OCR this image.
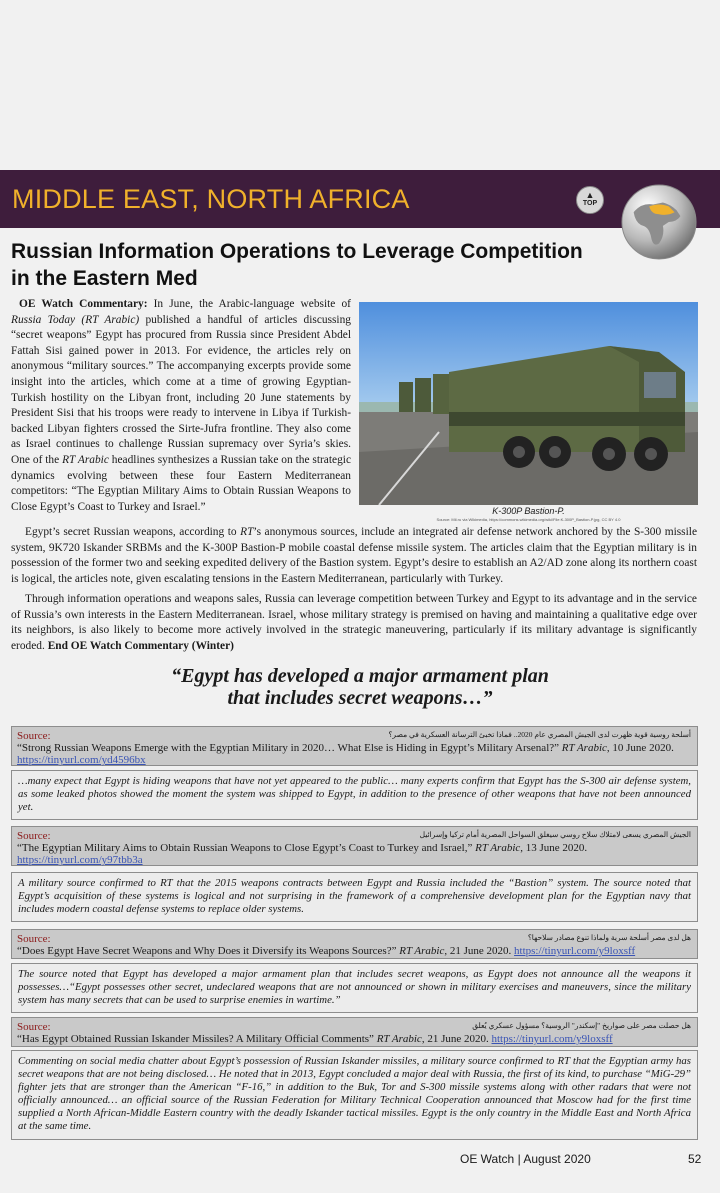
MIDDLE EAST, NORTH AFRICA	▲
TOP
Russian Information Operations to Leverage Competition
in the Eastern Med
OE Watch Commentary: In June, the Arabic-language website of Russia Today (RT Arabic) published a handful of articles discussing “secret weapons” Egypt has procured from Russia since President Abdel Fattah Sisi gained power in 2013. For evidence, the articles rely on anonymous “military sources.” The accompanying excerpts provide some insight into the articles, which come at a time of growing Egyptian-Turkish hostility on the Libyan front, including 20 June statements by President Sisi that his troops were ready to intervene in Libya if Turkish-backed Libyan fighters crossed the Sirte-Jufra frontline. They also come as Israel continues to challenge Russian supremacy over Syria’s skies. One of the RT Arabic headlines synthesizes a Russian take on the strategic dynamics evolving between these four Eastern Mediterranean competitors: “The Egyptian Military Aims to Obtain Russian Weapons to Close Egypt’s Coast to Turkey and Israel.”	K-300P Bastion-P.
Source: Mil.ru via Wikimedia, https://commons.wikimedia.org/wiki/File:K-300P_Bastion-P.jpg, CC BY 4.0
Egypt’s secret Russian weapons, according to RT’s anonymous sources, include an integrated air defense network anchored by the S-300 missile system, 9K720 Iskander SRBMs and the K-300P Bastion-P mobile coastal defense missile system. The articles claim that the Egyptian military is in possession of the former two and seeking expedited delivery of the Bastion system. Egypt’s desire to establish an A2/AD zone along its northern coast is logical, the articles note, given escalating tensions in the Eastern Mediterranean, particularly with Turkey.
Through information operations and weapons sales, Russia can leverage competition between Turkey and Egypt to its advantage and in the service of Russia’s own interests in the Eastern Mediterranean. Israel, whose military strategy is premised on having and maintaining a qualitative edge over its neighbors, is also likely to become more actively involved in the strategic maneuvering, particularly if its military advantage is significantly eroded. End OE Watch Commentary (Winter)
“Egypt has developed a major armament plan
that includes secret weapons…”
Source:	أسلحة روسية قوية ظهرت لدى الجيش المصري عام 2020.. فماذا تخبئ الترسانة العسكرية في مصر؟
“Strong Russian Weapons Emerge with the Egyptian Military in 2020… What Else is Hiding in Egypt’s Military Arsenal?” RT Arabic, 10 June 2020.
https://tinyurl.com/yd4596bx
…many expect that Egypt is hiding weapons that have not yet appeared to the public… many experts confirm that Egypt has the S-300 air defense system, as some leaked photos showed the moment the system was shipped to Egypt, in addition to the presence of other weapons that have not been announced yet.
Source:	الجيش المصري يسعى لامتلاك سلاح روسي سيغلق السواحل المصرية أمام تركيا وإسرائيل
“The Egyptian Military Aims to Obtain Russian Weapons to Close Egypt’s Coast to Turkey and Israel,” RT Arabic, 13 June 2020. https://tinyurl.com/y97tbb3a
A military source confirmed to RT that the 2015 weapons contracts between Egypt and Russia included the “Bastion” system. The source noted that Egypt’s acquisition of these systems is logical and not surprising in the framework of a comprehensive development plan for the Egyptian navy that includes modern coastal defense systems to replace older systems.
Source:	هل لدى مصر أسلحة سرية ولماذا تنوع مصادر سلاحها؟
“Does Egypt Have Secret Weapons and Why Does it Diversify its Weapons Sources?” RT Arabic, 21 June 2020. https://tinyurl.com/y9loxsff
The source noted that Egypt has developed a major armament plan that includes secret weapons, as Egypt does not announce all the weapons it possesses…“Egypt possesses other secret, undeclared weapons that are not announced or shown in military exercises and maneuvers, since the military system has many secrets that can be used to surprise enemies in wartime.”
Source:	هل حصلت مصر على صواريخ "إسكندر" الروسية؟ مسؤول عسكري يُعلق
“Has Egypt Obtained Russian Iskander Missiles? A Military Official Comments” RT Arabic, 21 June 2020. https://tinyurl.com/y9loxsff
Commenting on social media chatter about Egypt’s possession of Russian Iskander missiles, a military source confirmed to RT that the Egyptian army has secret weapons that are not being disclosed… He noted that in 2013, Egypt concluded a major deal with Russia, the first of its kind, to purchase “MiG-29” fighter jets that are stronger than the American “F-16,” in addition to the Buk, Tor and S-300 missile systems along with other radars that were not officially announced… an official source of the Russian Federation for Military Technical Cooperation announced that Moscow had for the first time supplied a North African-Middle Eastern country with the deadly Iskander tactical missiles. Egypt is the only country in the Middle East and North Africa at the same time.
OE Watch | August 2020	52
